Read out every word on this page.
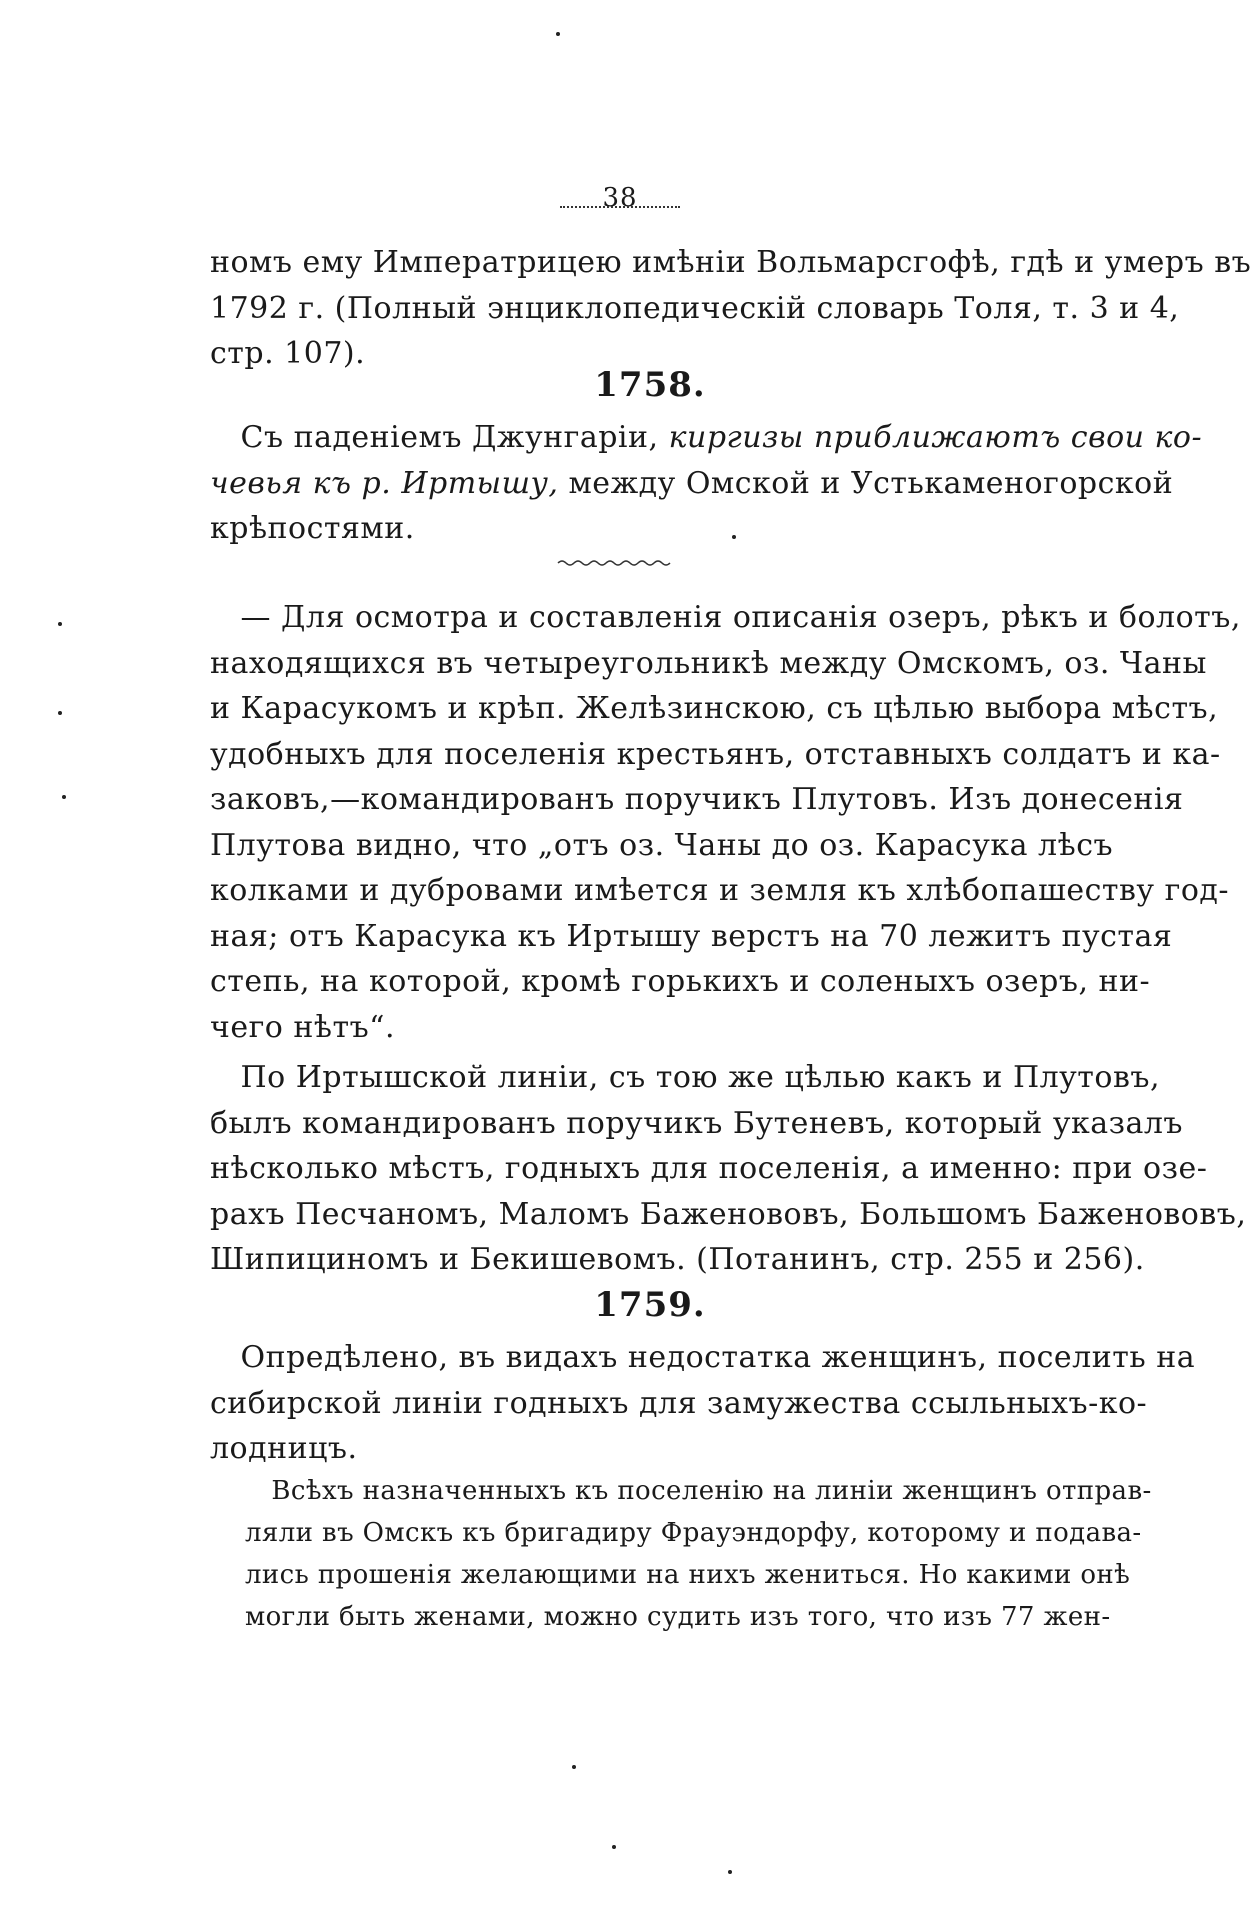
38
номъ ему Императрицею имѣніи Вольмарсгофѣ, гдѣ и умеръ въ
1792 г. (Полный энциклопедическій словарь Толя, т. 3 и 4,
стр. 107).
1758.
 Съ паденіемъ Джунгаріи, киргизы приближаютъ свои ко-
чевья къ р. Иртышу, между Омской и Устькаменогорской
крѣпостями.
 — Для осмотра и составленія описанія озеръ, рѣкъ и болотъ,
находящихся въ четыреугольникѣ между Омскомъ, оз. Чаны
и Карасукомъ и крѣп. Желѣзинскою, съ цѣлью выбора мѣстъ,
удобныхъ для поселенія крестьянъ, отставныхъ солдатъ и ка-
заковъ,—командированъ поручикъ Плутовъ. Изъ донесенія
Плутова видно, что „отъ оз. Чаны до оз. Карасука лѣсъ
колками и дубровами имѣется и земля къ хлѣбопашеству год-
ная; отъ Карасука къ Иртышу верстъ на 70 лежитъ пустая
степь, на которой, кромѣ горькихъ и соленыхъ озеръ, ни-
чего нѣтъ“.
 По Иртышской линіи, съ тою же цѣлью какъ и Плутовъ,
былъ командированъ поручикъ Бутеневъ, который указалъ
нѣсколько мѣстъ, годныхъ для поселенія, а именно: при озе-
рахъ Песчаномъ, Маломъ Баженововъ, Большомъ Баженововъ,
Шипициномъ и Бекишевомъ. (Потанинъ, стр. 255 и 256).
1759.
 Опредѣлено, въ видахъ недостатка женщинъ, поселить на
сибирской линіи годныхъ для замужества ссыльныхъ-ко-
лодницъ.
 Всѣхъ назначенныхъ къ поселенію на линіи женщинъ отправ-
ляли въ Омскъ къ бригадиру Фрауэндорфу, которому и подава-
лись прошенія желающими на нихъ жениться. Но какими онѣ
могли быть женами, можно судить изъ того, что изъ 77 жен-
